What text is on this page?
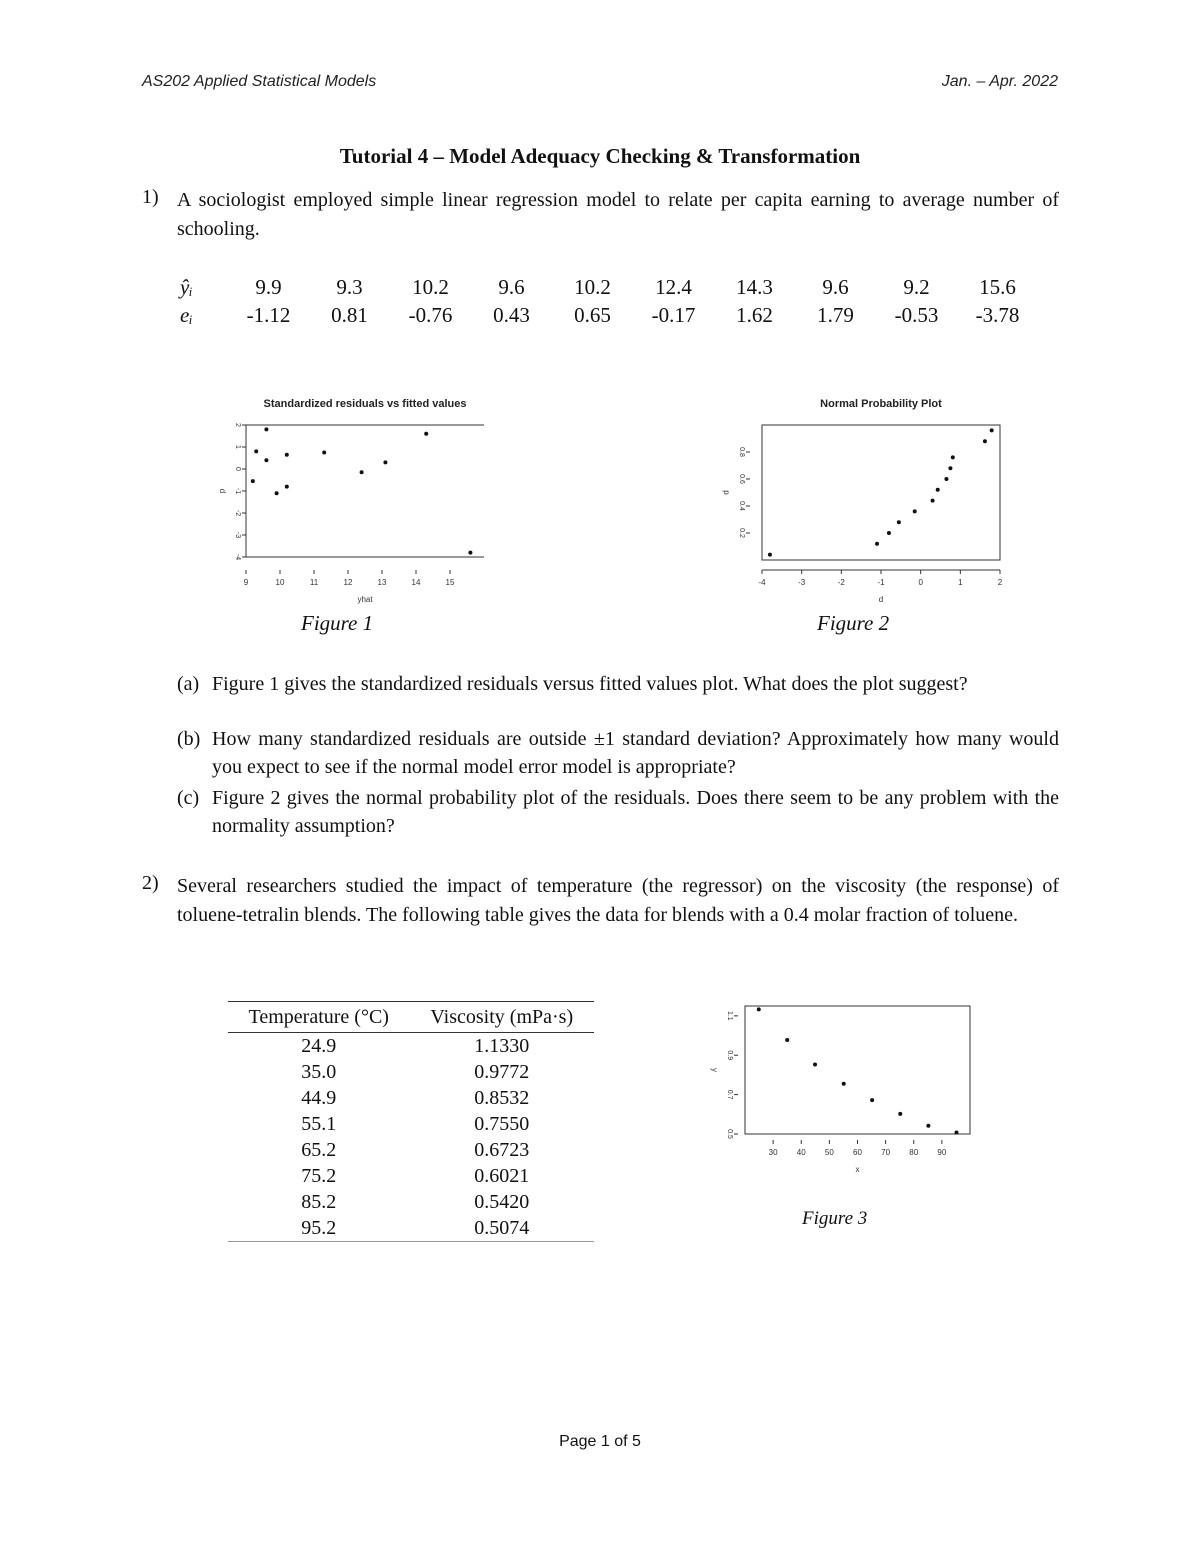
AS202 Applied Statistical Models	Jan. – Apr. 2022
Tutorial 4 – Model Adequacy Checking & Transformation
1) A sociologist employed simple linear regression model to relate per capita earning to average number of schooling.
ŷᵢ	9.9	9.3	10.2	9.6	10.2	12.4	14.3	9.6	9.2	15.6
eᵢ	-1.12	0.81	-0.76	0.43	0.65	-0.17	1.62	1.79	-0.53	-3.78
Standardized residuals vs fitted values
9	10	11	12	13	14	15
-4
-3
-2
-1
0
1
2
yhat
d
Figure 1
Normal Probability Plot
-4	-3	-2	-1	0	1	2
0.2
0.4
0.6
0.8
d
p
Figure 2
(a) Figure 1 gives the standardized residuals versus fitted values plot. What does the plot suggest?
(b) How many standardized residuals are outside ±1 standard deviation? Approximately how many would you expect to see if the normal model error model is appropriate?
(c) Figure 2 gives the normal probability plot of the residuals. Does there seem to be any problem with the normality assumption?
2) Several researchers studied the impact of temperature (the regressor) on the viscosity (the response) of toluene-tetralin blends. The following table gives the data for blends with a 0.4 molar fraction of toluene.
Temperature (°C)	Viscosity (mPa·s)
24.9	1.1330
35.0	0.9772
44.9	0.8532
55.1	0.7550
65.2	0.6723
75.2	0.6021
85.2	0.5420
95.2	0.5074
30 40 50 60 70 80 90
0.5
0.7
0.9
1.1
x
y
Figure 3
Page 1 of 5
